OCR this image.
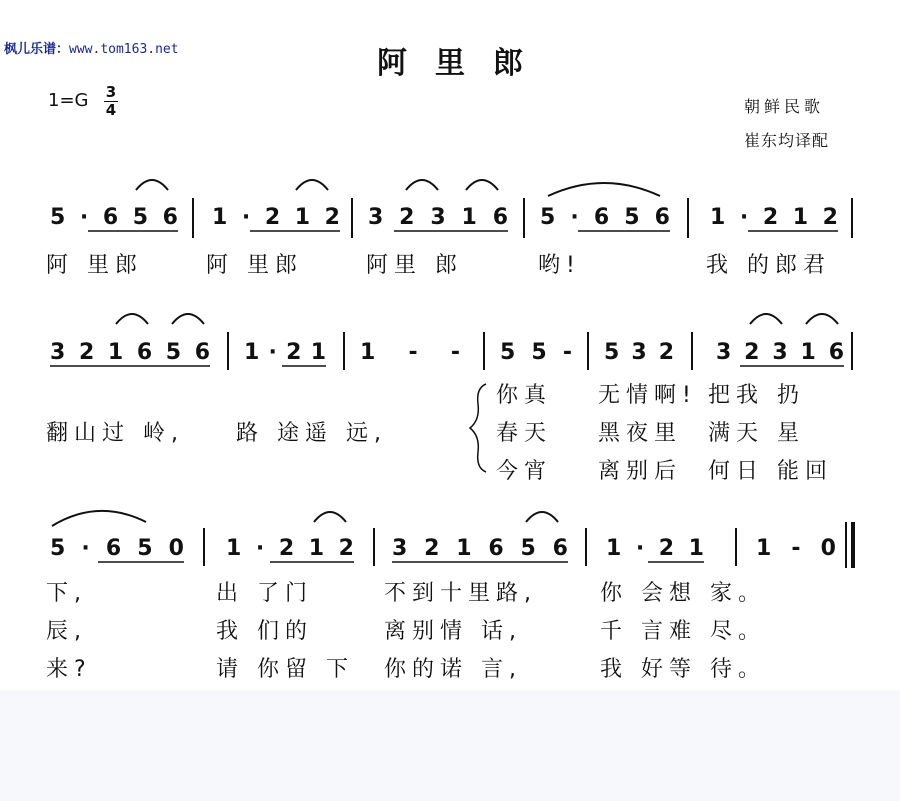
枫儿乐谱：www.tom163.net	阿里郎
1=G 3
4	朝鲜民歌
崔东均译配
5 · 6 5 6 1 · 2 1 2 3 2 3 1 6 5 · 6 5 6 1 · 2 1 2
阿 里郎	阿 里郎	阿里 郎	哟!	我 的郎君
3 2 1 6 5 6 1 · 2 1 1 - - 5 5 - 5 3 2 3 2 3 1 6
翻山过 岭, 路 途遥 远,
你真 无情啊! 把我 扔
春天 黑夜里 满天 星
今宵 离别后 何日 能回
5 · 6 5 0 1 · 2 1 2 3 2 1 6 5 6 1 · 2 1 1 - 0
下,	出 了门	不到十里路,	你 会想 家。
辰,	我 们的	离别情 话,	千 言难 尽。
来?	请 你留 下 你的诺 言,	我 好等 待。
